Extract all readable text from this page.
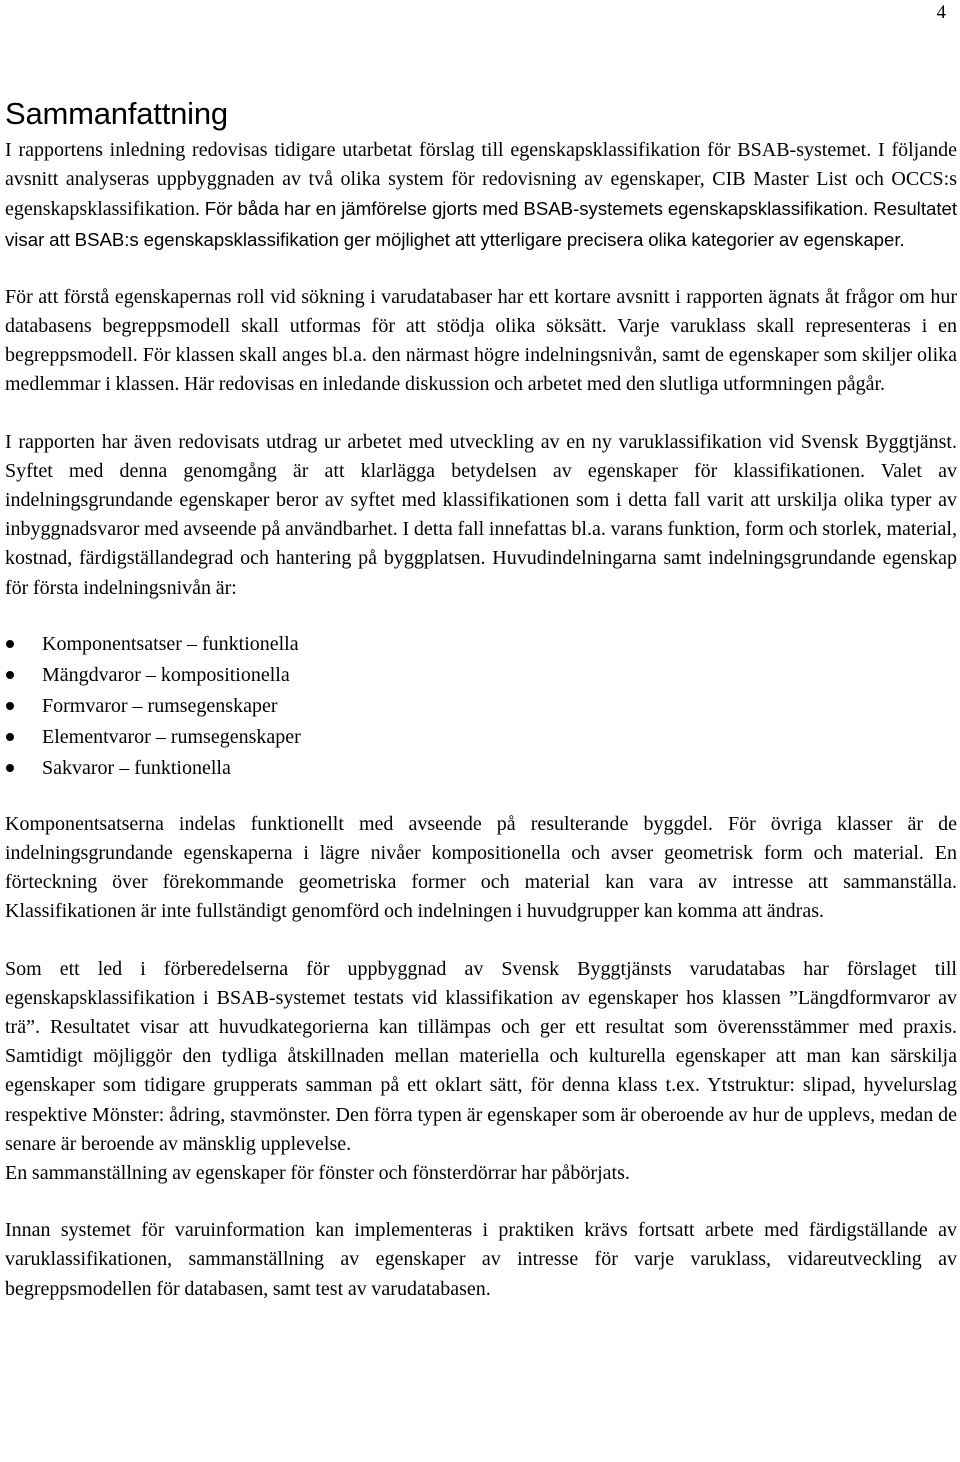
4
Sammanfattning

I rapportens inledning redovisas tidigare utarbetat förslag till egenskapsklassifikation för BSAB-systemet. I följande avsnitt analyseras uppbyggnaden av två olika system för redovisning av egenskaper, CIB Master List och OCCS:s egenskapsklassifikation. För båda har en jämförelse gjorts med BSAB-systemets egenskapsklassifikation. Resultatet visar att BSAB:s egenskapsklassifikation ger möjlighet att ytterligare precisera olika kategorier av egenskaper.

För att förstå egenskapernas roll vid sökning i varudatabaser har ett kortare avsnitt i rapporten ägnats åt frågor om hur databasens begreppsmodell skall utformas för att stödja olika söksätt. Varje varuklass skall representeras i en begreppsmodell. För klassen skall anges bl.a. den närmast högre indelningsnivån, samt de egenskaper som skiljer olika medlemmar i klassen. Här redovisas en inledande diskussion och arbetet med den slutliga utformningen pågår.

I rapporten har även redovisats utdrag ur arbetet med utveckling av en ny varuklassifikation vid Svensk Byggtjänst. Syftet med denna genomgång är att klarlägga betydelsen av egenskaper för klassifikationen. Valet av indelningsgrundande egenskaper beror av syftet med klassifikationen som i detta fall varit att urskilja olika typer av inbyggnadsvaror med avseende på användbarhet. I detta fall innefattas bl.a. varans funktion, form och storlek, material, kostnad, färdigställandegrad och hantering på byggplatsen. Huvudindelningarna samt indelningsgrundande egenskap för första indelningsnivån är:

Komponentsatser – funktionella
Mängdvaror – kompositionella
Formvaror – rumsegenskaper
Elementvaror – rumsegenskaper
Sakvaror – funktionella

Komponentsatserna indelas funktionellt med avseende på resulterande byggdel. För övriga klasser är de indelningsgrundande egenskaperna i lägre nivåer kompositionella och avser geometrisk form och material. En förteckning över förekommande geometriska former och material kan vara av intresse att sammanställa. Klassifikationen är inte fullständigt genomförd och indelningen i huvudgrupper kan komma att ändras.

Som ett led i förberedelserna för uppbyggnad av Svensk Byggtjänsts varudatabas har förslaget till egenskapsklassifikation i BSAB-systemet testats vid klassifikation av egenskaper hos klassen ”Längdformvaror av trä”. Resultatet visar att huvudkategorierna kan tillämpas och ger ett resultat som överensstämmer med praxis. Samtidigt möjliggör den tydliga åtskillnaden mellan materiella och kulturella egenskaper att man kan särskilja egenskaper som tidigare grupperats samman på ett oklart sätt, för denna klass t.ex. Ytstruktur: slipad, hyvelurslag respektive Mönster: ådring, stavmönster. Den förra typen är egenskaper som är oberoende av hur de upplevs, medan de senare är beroende av mänsklig upplevelse.

En sammanställning av egenskaper för fönster och fönsterdörrar har påbörjats.

Innan systemet för varuinformation kan implementeras i praktiken krävs fortsatt arbete med färdigställande av varuklassifikationen, sammanställning av egenskaper av intresse för varje varuklass, vidareutveckling av begreppsmodellen för databasen, samt test av varudatabasen.
